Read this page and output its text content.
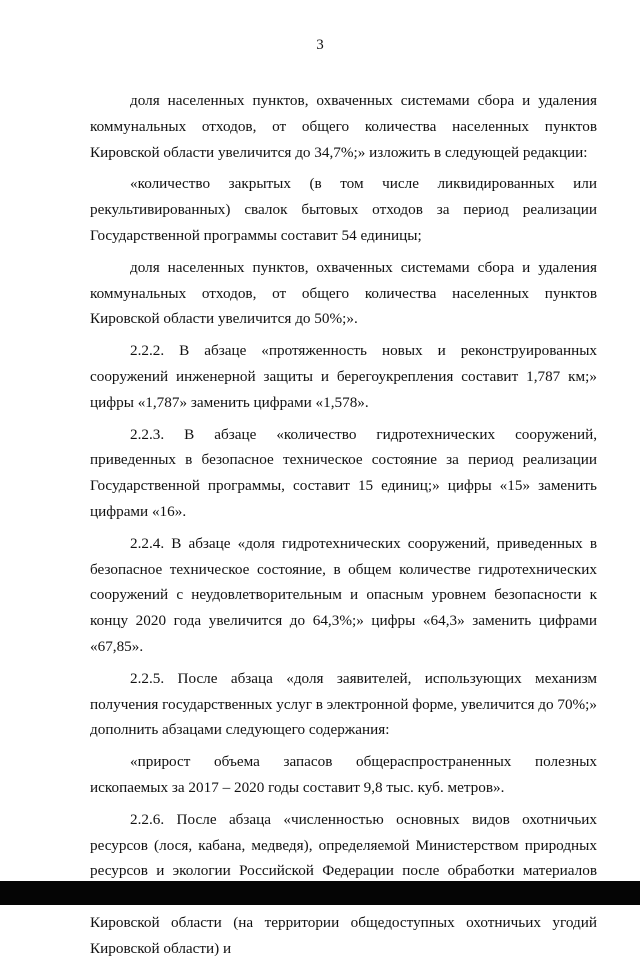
3

доля населенных пунктов, охваченных системами сбора и удаления коммунальных отходов, от общего количества населенных пунктов Кировской области увеличится до 34,7%;» изложить в следующей редакции:

«количество закрытых (в том числе ликвидированных или рекультивированных) свалок бытовых отходов за период реализации Государственной программы составит 54 единицы;

доля населенных пунктов, охваченных системами сбора и удаления коммунальных отходов, от общего количества населенных пунктов Кировской области увеличится до 50%;».

2.2.2. В абзаце «протяженность новых и реконструированных сооружений инженерной защиты и берегоукрепления составит 1,787 км;» цифры «1,787» заменить цифрами «1,578».

2.2.3. В абзаце «количество гидротехнических сооружений, приведенных в безопасное техническое состояние за период реализации Государственной программы, составит 15 единиц;» цифры «15» заменить цифрами «16».

2.2.4. В абзаце «доля гидротехнических сооружений, приведенных в безопасное техническое состояние, в общем количестве гидротехнических сооружений с неудовлетворительным и опасным уровнем безопасности к концу 2020 года увеличится до 64,3%;» цифры «64,3» заменить цифрами «67,85».

2.2.5. После абзаца «доля заявителей, использующих механизм получения государственных услуг в электронной форме, увеличится до 70%;» дополнить абзацами следующего содержания:

«прирост объема запасов общераспространенных полезных ископаемых за 2017 – 2020 годы составит 9,8 тыс. куб. метров».

2.2.6. После абзаца «численностью основных видов охотничьих ресурсов (лося, кабана, медведя), определяемой Министерством природных ресурсов и экологии Российской Федерации после обработки материалов Кировской области (на территории общедоступных охотничьих угодий Кировской области) и
